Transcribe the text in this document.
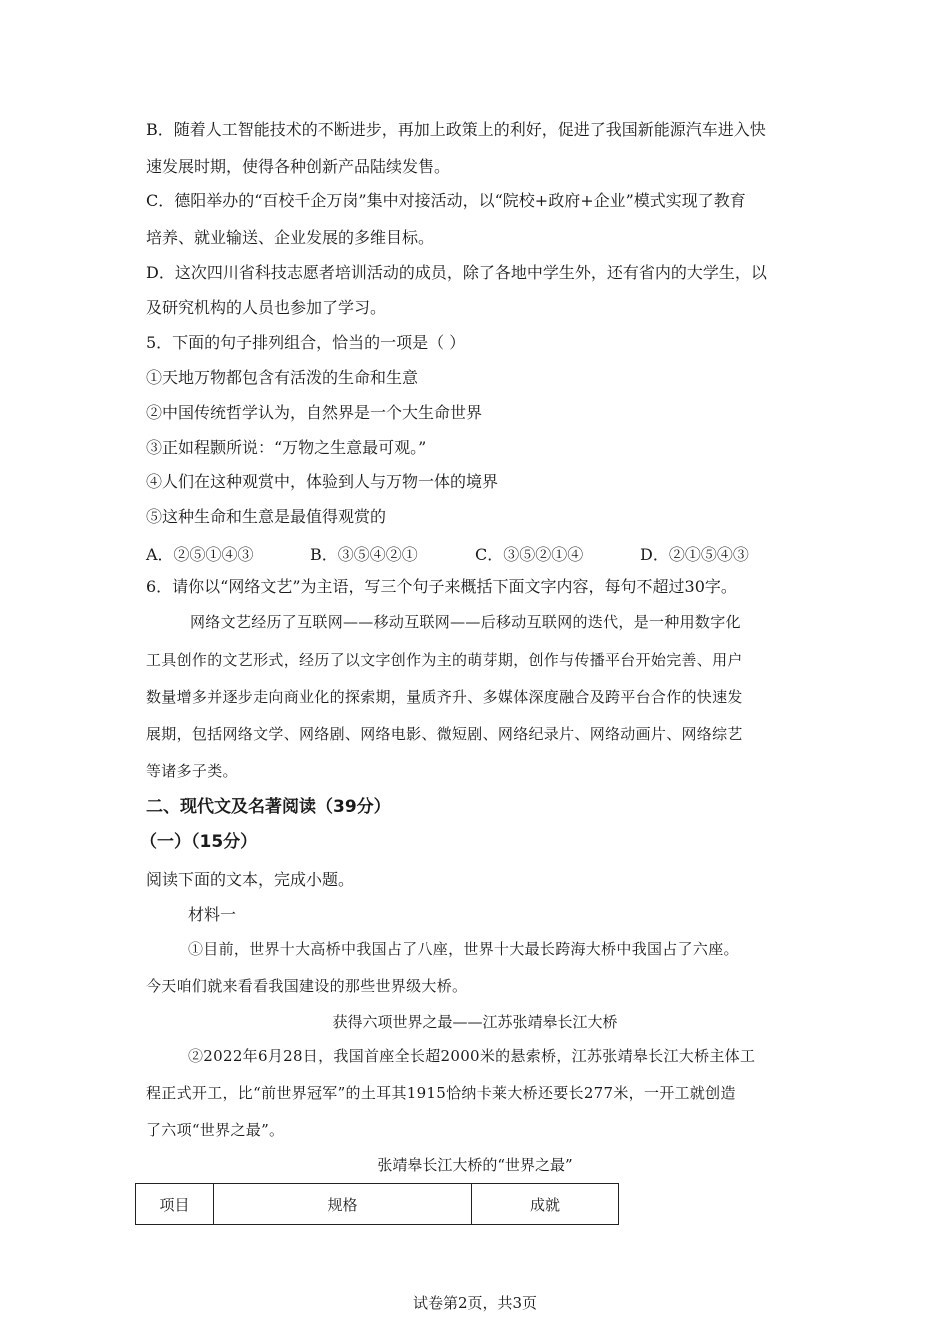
B．随着人工智能技术的不断进步，再加上政策上的利好，促进了我国新能源汽车进入快
速发展时期，使得各种创新产品陆续发售。
C．德阳举办的“百校千企万岗”集中对接活动，以“院校+政府+企业”模式实现了教育
培养、就业输送、企业发展的多维目标。
D．这次四川省科技志愿者培训活动的成员，除了各地中学生外，还有省内的大学生，以
及研究机构的人员也参加了学习。
5．下面的句子排列组合，恰当的一项是（ ）
①天地万物都包含有活泼的生命和生意
②中国传统哲学认为，自然界是一个大生命世界
③正如程颢所说：“万物之生意最可观。”
④人们在这种观赏中，体验到人与万物一体的境界
⑤这种生命和生意是最值得观赏的
A．②⑤①④③	B．③⑤④②①	C．③⑤②①④	D．②①⑤④③
6．请你以“网络文艺”为主语，写三个句子来概括下面文字内容，每句不超过30字。
网络文艺经历了互联网——移动互联网——后移动互联网的迭代，是一种用数字化
工具创作的文艺形式，经历了以文字创作为主的萌芽期，创作与传播平台开始完善、用户
数量增多并逐步走向商业化的探索期，量质齐升、多媒体深度融合及跨平台合作的快速发
展期，包括网络文学、网络剧、网络电影、微短剧、网络纪录片、网络动画片、网络综艺
等诸多子类。
二、现代文及名著阅读（39分）
（一）（15分）
阅读下面的文本，完成小题。
材料一
①目前，世界十大高桥中我国占了八座，世界十大最长跨海大桥中我国占了六座。
今天咱们就来看看我国建设的那些世界级大桥。
获得六项世界之最——江苏张靖皋长江大桥
②2022年6月28日，我国首座全长超2000米的悬索桥，江苏张靖皋长江大桥主体工
程正式开工，比“前世界冠军”的土耳其1915恰纳卡莱大桥还要长277米，一开工就创造
了六项“世界之最”。
张靖皋长江大桥的“世界之最”
项目	规格	成就
试卷第2页，共3页
